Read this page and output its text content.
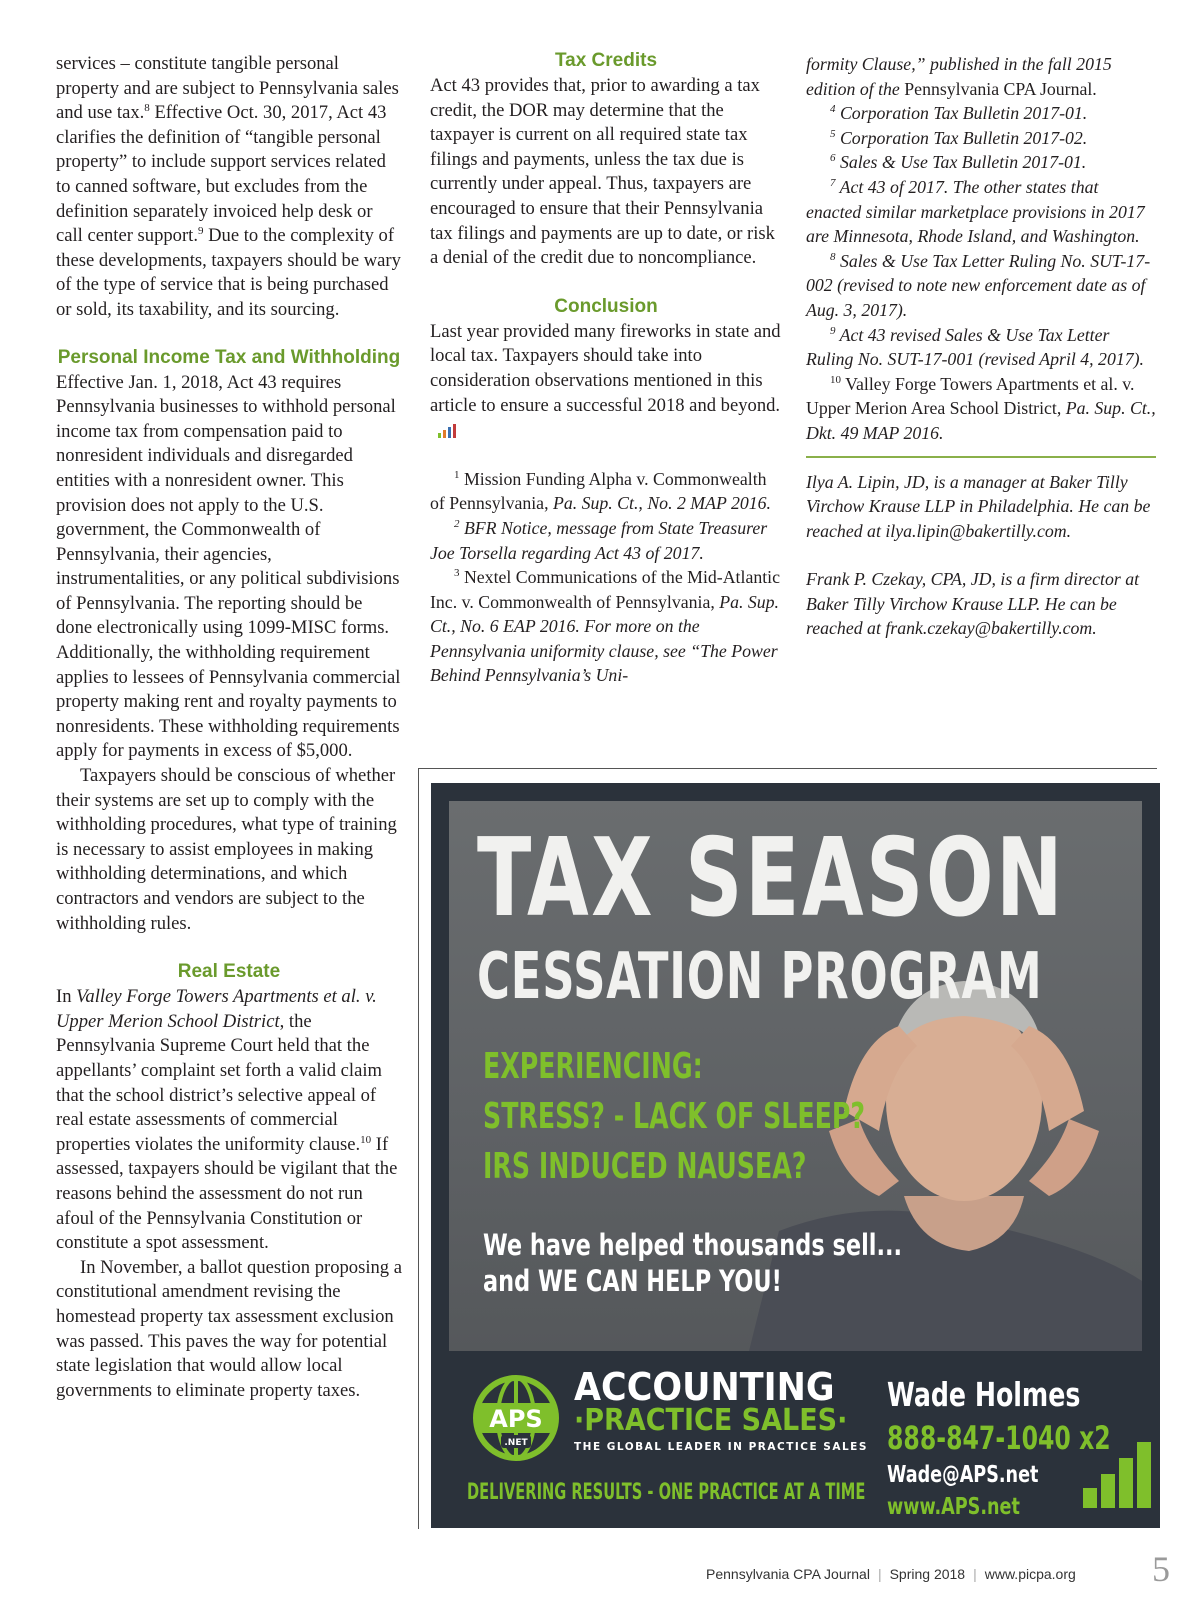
services – constitute tangible personal property and are subject to Pennsylvania sales and use tax.$^8$ Effective Oct. 30, 2017, Act 43 clarifies the definition of “tangible personal property” to include support services related to canned software, but excludes from the definition separately invoiced help desk or call center support.$^9$ Due to the complexity of these developments, taxpayers should be wary of the type of service that is being purchased or sold, its taxability, and its sourcing.

Personal Income Tax and Withholding

Effective Jan. 1, 2018, Act 43 requires Pennsylvania businesses to withhold personal income tax from compensation paid to nonresident individuals and disregarded entities with a nonresident owner. This provision does not apply to the U.S. government, the Commonwealth of Pennsylvania, their agencies, instrumentalities, or any political subdivisions of Pennsylvania. The reporting should be done electronically using 1099-MISC forms. Additionally, the withholding requirement applies to lessees of Pennsylvania commercial property making rent and royalty payments to nonresidents. These withholding requirements apply for payments in excess of $5,000.

Taxpayers should be conscious of whether their systems are set up to comply with the withholding procedures, what type of training is necessary to assist employees in making withholding determinations, and which contractors and vendors are subject to the withholding rules.

Real Estate

In Valley Forge Towers Apartments et al. v. Upper Merion School District, the Pennsylvania Supreme Court held that the appellants’ complaint set forth a valid claim that the school district’s selective appeal of real estate assessments of commercial properties violates the uniformity clause.$^{10}$ If assessed, taxpayers should be vigilant that the reasons behind the assessment do not run afoul of the Pennsylvania Constitution or constitute a spot assessment.

In November, a ballot question proposing a constitutional amendment revising the homestead property tax assessment exclusion was passed. This paves the way for potential state legislation that would allow local governments to eliminate property taxes.

Tax Credits

Act 43 provides that, prior to awarding a tax credit, the DOR may determine that the taxpayer is current on all required state tax filings and payments, unless the tax due is currently under appeal. Thus, taxpayers are encouraged to ensure that their Pennsylvania tax filings and payments are up to date, or risk a denial of the credit due to noncompliance.

Conclusion

Last year provided many fireworks in state and local tax. Taxpayers should take into consideration observations mentioned in this article to ensure a successful 2018 and beyond.

$^1$ Mission Funding Alpha v. Commonwealth of Pennsylvania, Pa. Sup. Ct., No. 2 MAP 2016.

$^2$ BFR Notice, message from State Treasurer Joe Torsella regarding Act 43 of 2017.

$^3$ Nextel Communications of the Mid-Atlantic Inc. v. Commonwealth of Pennsylvania, Pa. Sup. Ct., No. 6 EAP 2016. For more on the Pennsylvania uniformity clause, see “The Power Behind Pennsylvania’s Uni-

formity Clause,” published in the fall 2015 edition of the Pennsylvania CPA Journal.

$^4$ Corporation Tax Bulletin 2017-01.

$^5$ Corporation Tax Bulletin 2017-02.

$^6$ Sales & Use Tax Bulletin 2017-01.

$^7$ Act 43 of 2017. The other states that enacted similar marketplace provisions in 2017 are Minnesota, Rhode Island, and Washington.

$^8$ Sales & Use Tax Letter Ruling No. SUT-17-002 (revised to note new enforcement date as of Aug. 3, 2017).

$^9$ Act 43 revised Sales & Use Tax Letter Ruling No. SUT-17-001 (revised April 4, 2017).

$^{10}$ Valley Forge Towers Apartments et al. v. Upper Merion Area School District, Pa. Sup. Ct., Dkt. 49 MAP 2016.

Ilya A. Lipin, JD, is a manager at Baker Tilly Virchow Krause LLP in Philadelphia. He can be reached at ilya.lipin@bakertilly.com.

Frank P. Czekay, CPA, JD, is a firm director at Baker Tilly Virchow Krause LLP. He can be reached at frank.czekay@bakertilly.com.

TAX SEASON
CESSATION PROGRAM
EXPERIENCING:
STRESS? - LACK OF SLEEP?
IRS INDUCED NAUSEA?
We have helped thousands sell...
and WE CAN HELP YOU!
APS
.NET
ACCOUNTING
·PRACTICE SALES·
THE GLOBAL LEADER IN PRACTICE SALES
DELIVERING RESULTS - ONE PRACTICE AT A TIME
Wade Holmes
888-847-1040 x2
Wade@APS.net
www.APS.net
Pennsylvania CPA Journal | Spring 2018 | www.picpa.org 5
